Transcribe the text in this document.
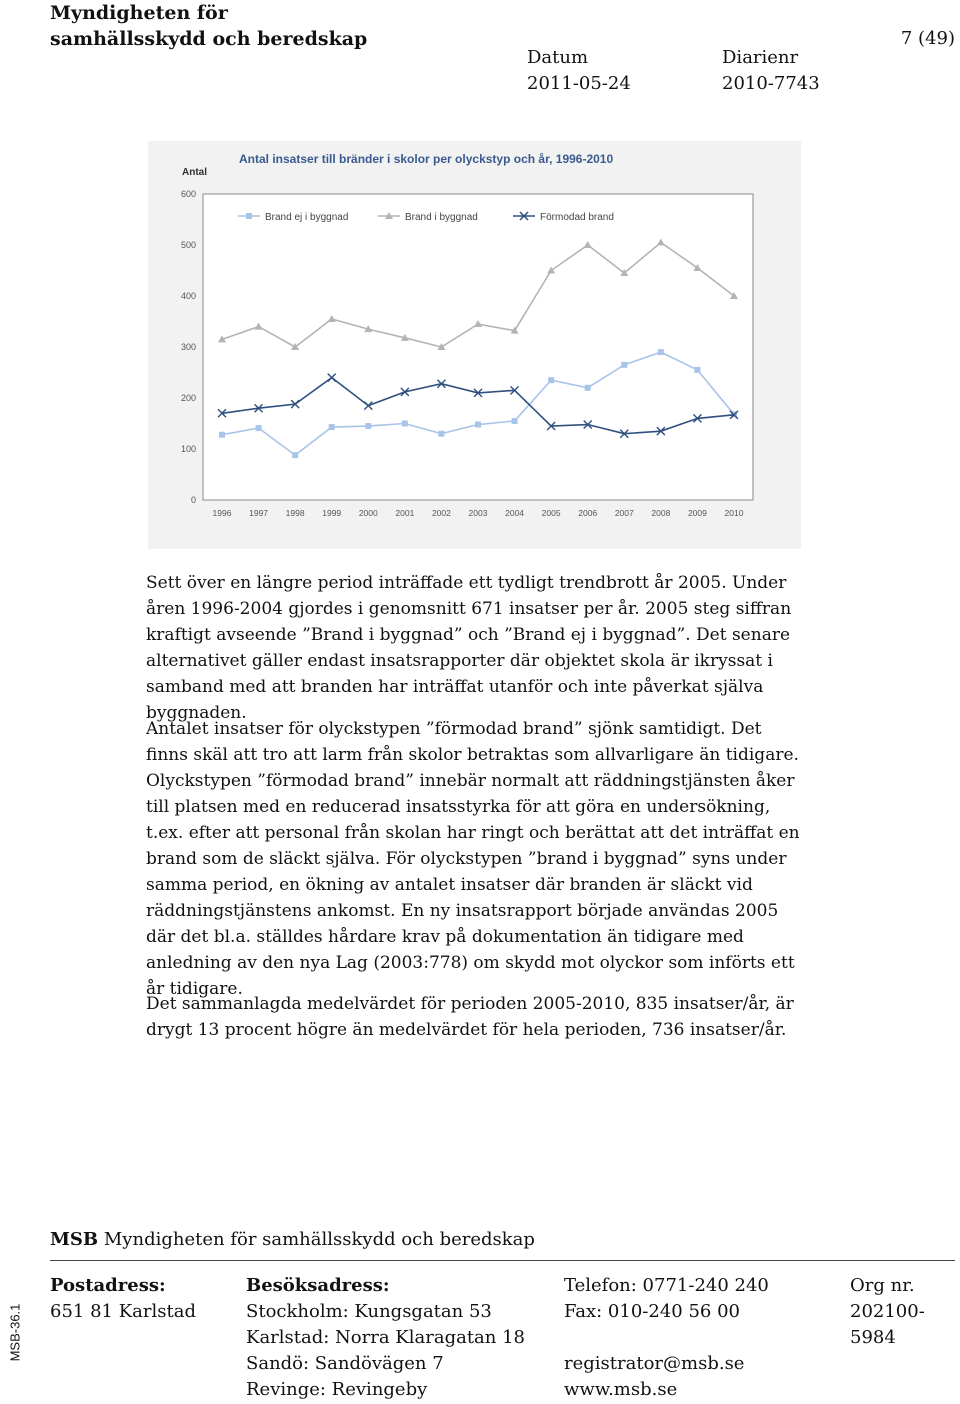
Myndigheten för
samhällsskydd och beredskap	7 (49)
Datum
2011-05-24
Diarienr
2010-7743
Antal
Antal insatser till bränder i skolor per olyckstyp och år, 1996-2010
0
100
200
300
400
500
600
1996 1997 1998 1999 2000 2001 2002 2003 2004 2005 2006 2007 2008 2009 2010
Brand ej i byggnad	Brand i byggnad	Förmodad brand

Sett över en längre period inträffade ett tydligt trendbrott år 2005. Under åren 1996-2004 gjordes i genomsnitt 671 insatser per år. 2005 steg siffran kraftigt avseende ”Brand i byggnad” och ”Brand ej i byggnad”. Det senare alternativet gäller endast insatsrapporter där objektet skola är ikryssat i samband med att branden har inträffat utanför och inte påverkat själva byggnaden.

Antalet insatser för olyckstypen ”förmodad brand” sjönk samtidigt. Det finns skäl att tro att larm från skolor betraktas som allvarligare än tidigare. Olyckstypen ”förmodad brand” innebär normalt att räddningstjänsten åker till platsen med en reducerad insatsstyrka för att göra en undersökning, t.ex. efter att personal från skolan har ringt och berättat att det inträffat en brand som de släckt själva. För olyckstypen ”brand i byggnad” syns under samma period, en ökning av antalet insatser där branden är släckt vid räddningstjänstens ankomst. En ny insatsrapport började användas 2005 där det bl.a. ställdes hårdare krav på dokumentation än tidigare med anledning av den nya Lag (2003:778) om skydd mot olyckor som införts ett år tidigare.

Det sammanlagda medelvärdet för perioden 2005-2010, 835 insatser/år, är drygt 13 procent högre än medelvärdet för hela perioden, 736 insatser/år.

MSB Myndigheten för samhällsskydd och beredskap
Postadress:
651 81 Karlstad
Besöksadress:
Stockholm: Kungsgatan 53
Karlstad: Norra Klaragatan 18
Sandö: Sandövägen 7
Revinge: Revingeby
Telefon: 0771-240 240
Fax: 010-240 56 00
registrator@msb.se
www.msb.se
Org nr.
202100-
5984
MSB-36.1
